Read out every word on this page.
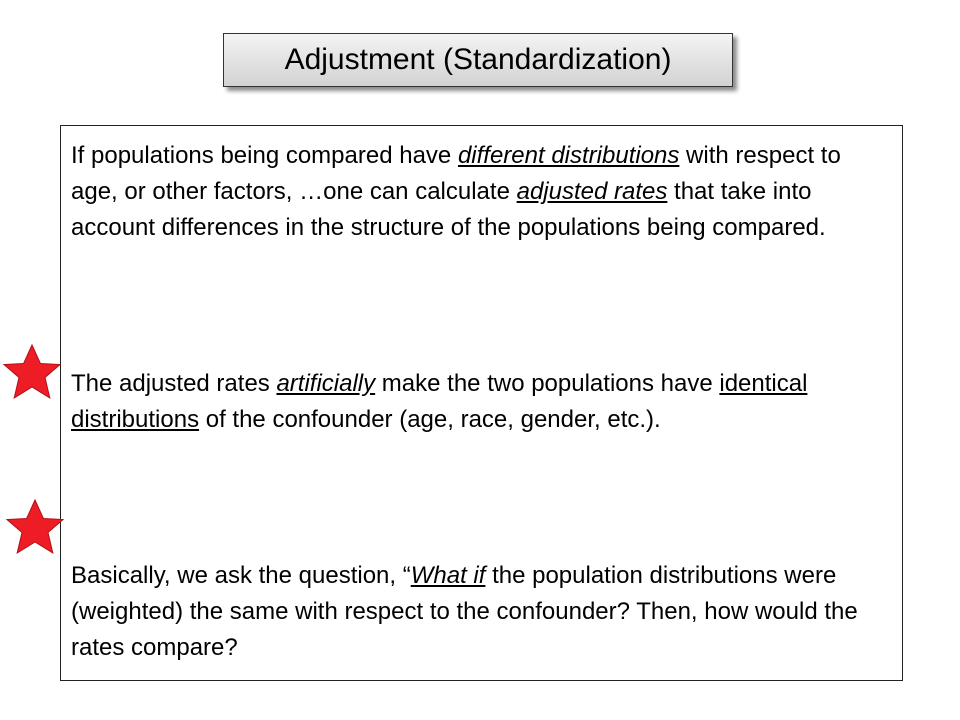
Adjustment (Standardization)

If populations being compared have different distributions with respect to age, or other factors, …one can calculate adjusted rates that take into account differences in the structure of the populations being compared.

The adjusted rates artificially make the two populations have identical distributions of the confounder (age, race, gender, etc.).

Basically, we ask the question, “What if the population distributions were (weighted) the same with respect to the confounder? Then, how would the rates compare?
